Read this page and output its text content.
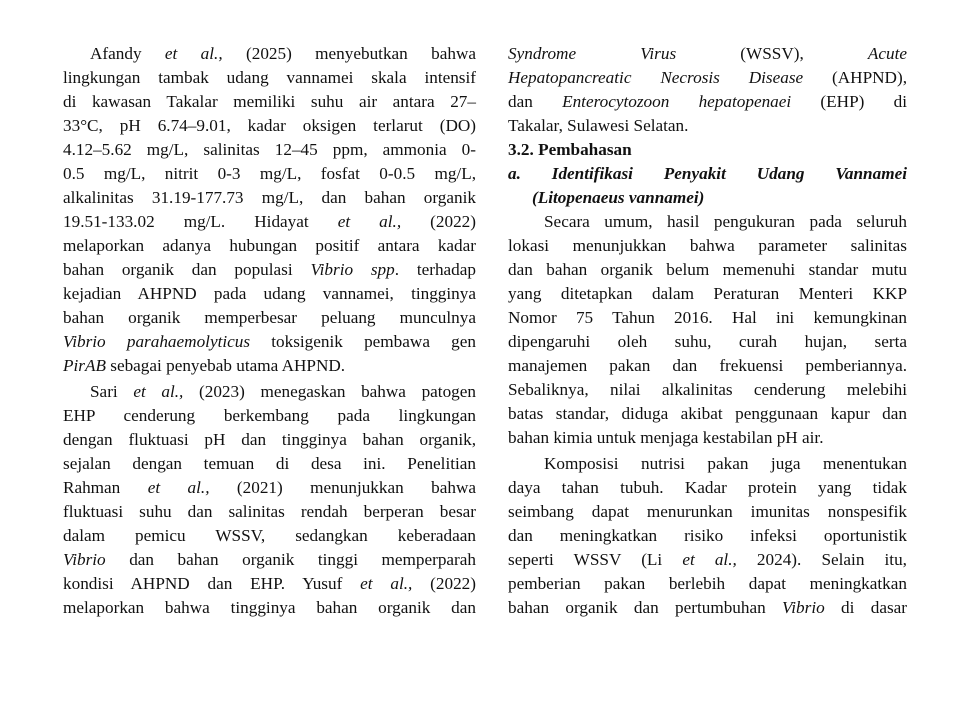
Afandy et al., (2025) menyebutkan bahwa
lingkungan tambak udang vannamei skala intensif
di kawasan Takalar memiliki suhu air antara 27–
33°C, pH 6.74–9.01, kadar oksigen terlarut (DO)
4.12–5.62 mg/L, salinitas 12–45 ppm, ammonia 0-
0.5 mg/L, nitrit 0-3 mg/L, fosfat 0-0.5 mg/L,
alkalinitas 31.19-177.73 mg/L, dan bahan organik
19.51-133.02 mg/L. Hidayat et al., (2022)
melaporkan adanya hubungan positif antara kadar
bahan organik dan populasi Vibrio spp. terhadap
kejadian AHPND pada udang vannamei, tingginya
bahan organik memperbesar peluang munculnya
Vibrio parahaemolyticus toksigenik pembawa gen
PirAB sebagai penyebab utama AHPND.
Sari et al., (2023) menegaskan bahwa patogen
EHP cenderung berkembang pada lingkungan
dengan fluktuasi pH dan tingginya bahan organik,
sejalan dengan temuan di desa ini. Penelitian
Rahman et al., (2021) menunjukkan bahwa
fluktuasi suhu dan salinitas rendah berperan besar
dalam pemicu WSSV, sedangkan keberadaan
Vibrio dan bahan organik tinggi memperparah
kondisi AHPND dan EHP. Yusuf et al., (2022)
melaporkan bahwa tingginya bahan organik dan
Syndrome Virus (WSSV), Acute
Hepatopancreatic Necrosis Disease (AHPND),
dan Enterocytozoon hepatopenaei (EHP) di
Takalar, Sulawesi Selatan.
3.2. Pembahasan
a. Identifikasi Penyakit Udang Vannamei
(Litopenaeus vannamei)
Secara umum, hasil pengukuran pada seluruh
lokasi menunjukkan bahwa parameter salinitas
dan bahan organik belum memenuhi standar mutu
yang ditetapkan dalam Peraturan Menteri KKP
Nomor 75 Tahun 2016. Hal ini kemungkinan
dipengaruhi oleh suhu, curah hujan, serta
manajemen pakan dan frekuensi pemberiannya.
Sebaliknya, nilai alkalinitas cenderung melebihi
batas standar, diduga akibat penggunaan kapur dan
bahan kimia untuk menjaga kestabilan pH air.
Komposisi nutrisi pakan juga menentukan
daya tahan tubuh. Kadar protein yang tidak
seimbang dapat menurunkan imunitas nonspesifik
dan meningkatkan risiko infeksi oportunistik
seperti WSSV (Li et al., 2024). Selain itu,
pemberian pakan berlebih dapat meningkatkan
bahan organik dan pertumbuhan Vibrio di dasar
